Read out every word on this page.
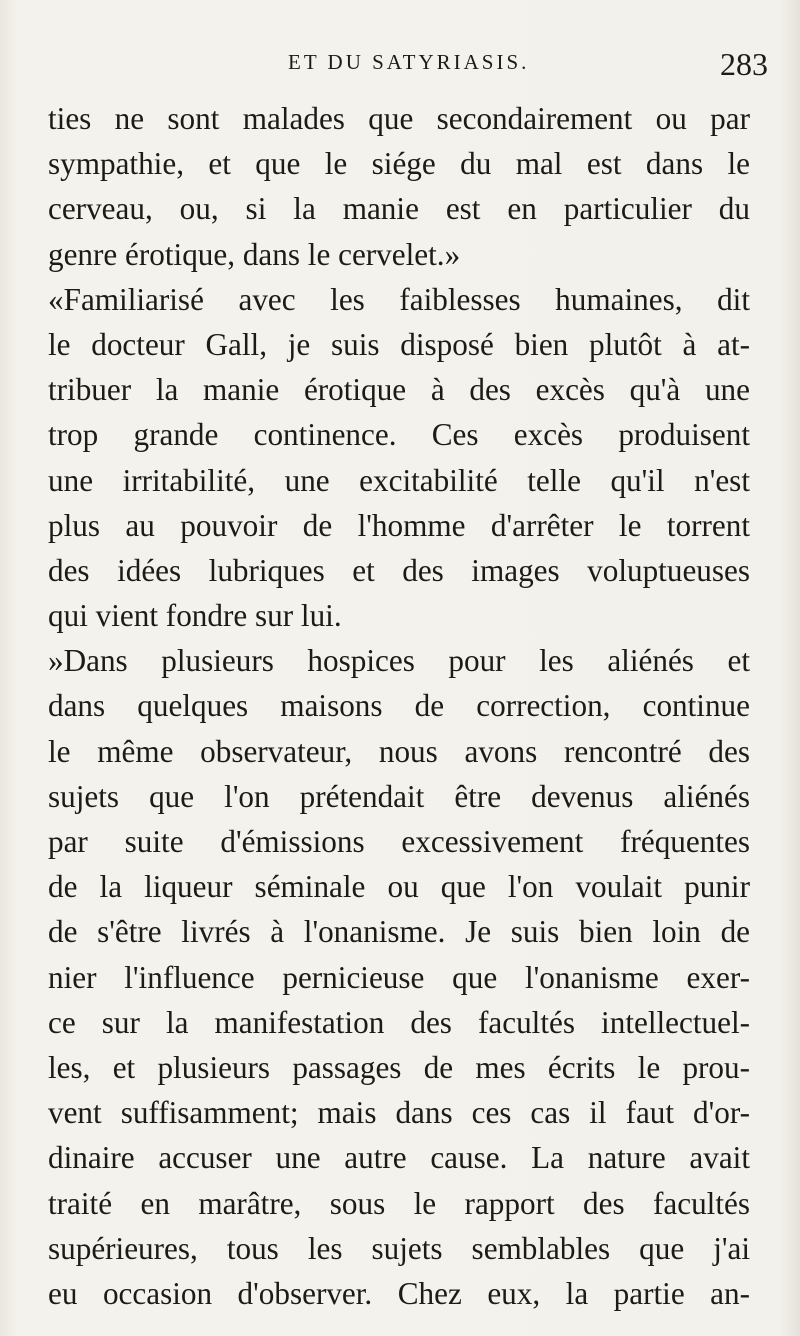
ET DU SATYRIASIS.	283
ties ne sont malades que secondairement ou par
sympathie, et que le siége du mal est dans le
cerveau, ou, si la manie est en particulier du
genre érotique, dans le cervelet.»
«Familiarisé avec les faiblesses humaines, dit
le docteur Gall, je suis disposé bien plutôt à at-
tribuer la manie érotique à des excès qu'à une
trop grande continence. Ces excès produisent
une irritabilité, une excitabilité telle qu'il n'est
plus au pouvoir de l'homme d'arrêter le torrent
des idées lubriques et des images voluptueuses
qui vient fondre sur lui.
»Dans plusieurs hospices pour les aliénés et
dans quelques maisons de correction, continue
le même observateur, nous avons rencontré des
sujets que l'on prétendait être devenus aliénés
par suite d'émissions excessivement fréquentes
de la liqueur séminale ou que l'on voulait punir
de s'être livrés à l'onanisme. Je suis bien loin de
nier l'influence pernicieuse que l'onanisme exer-
ce sur la manifestation des facultés intellectuel-
les, et plusieurs passages de mes écrits le prou-
vent suffisamment; mais dans ces cas il faut d'or-
dinaire accuser une autre cause. La nature avait
traité en marâtre, sous le rapport des facultés
supérieures, tous les sujets semblables que j'ai
eu occasion d'observer. Chez eux, la partie an-
